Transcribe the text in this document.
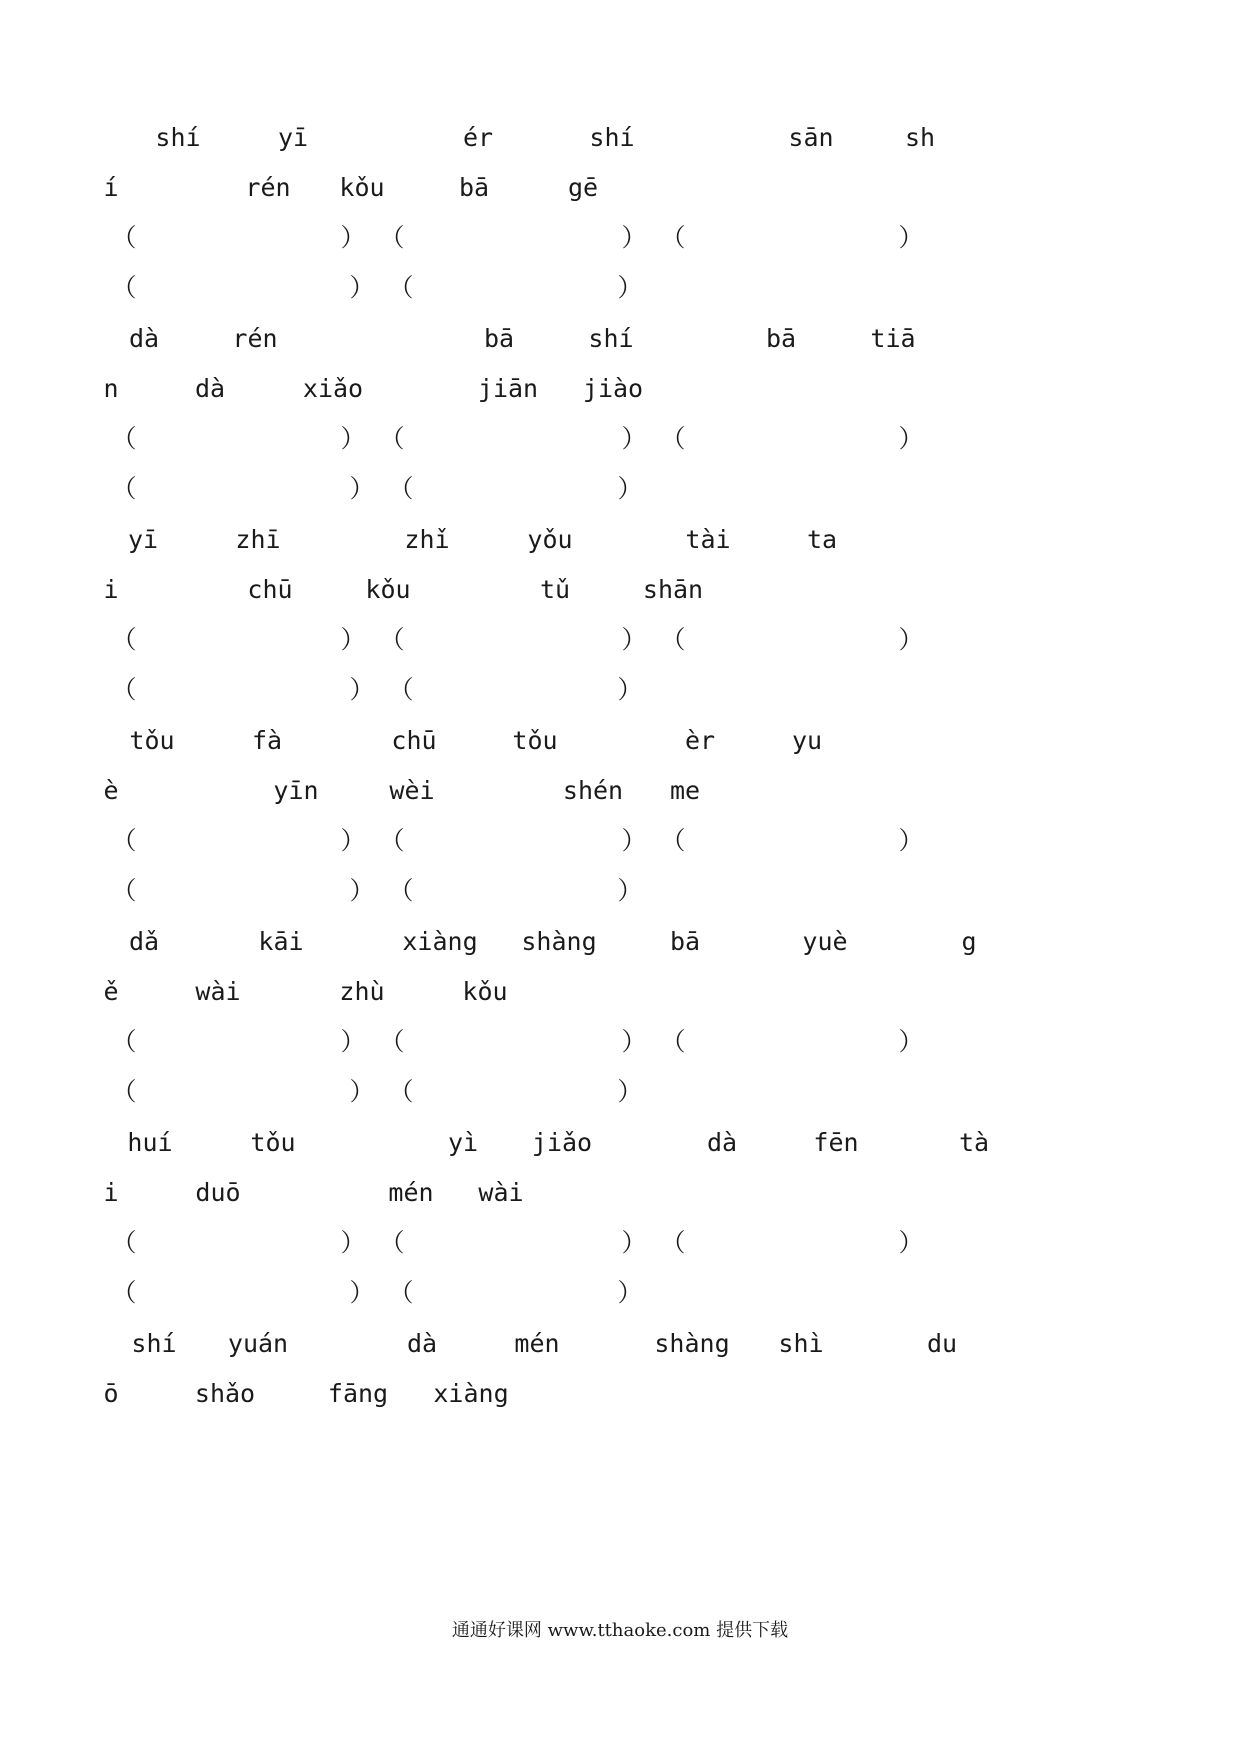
shí	yī	ér	shí	sān	sh
í	rén kǒu	bā	gē
（	） （	） （	）
（	） （	）
dà	rén	bā	shí	bā	tiā
n	dà	xiǎo	jiān jiào
（	） （	） （	）
（	） （	）
yī	zhī	zhǐ	yǒu	tài	ta
i	chū	kǒu	tǔ	shān
（	） （	） （	）
（	） （	）
tǒu	fà	chū	tǒu	èr	yu
è	yīn	wèi	shén me
（	） （	） （	）
（	） （	）
dǎ	kāi	xiàng shàng	bā	yuè	g
ě	wài	zhù	kǒu
（	） （	） （	）
（	） （	）
huí	tǒu	yì jiǎo	dà	fēn	tà
i	duō	mén wài
（	） （	） （	）
（	） （	）
shí yuán	dà	mén	shàng shì	du
ō	shǎo	fāng xiàng
通通好课网 www.tthaoke.com 提供下载
